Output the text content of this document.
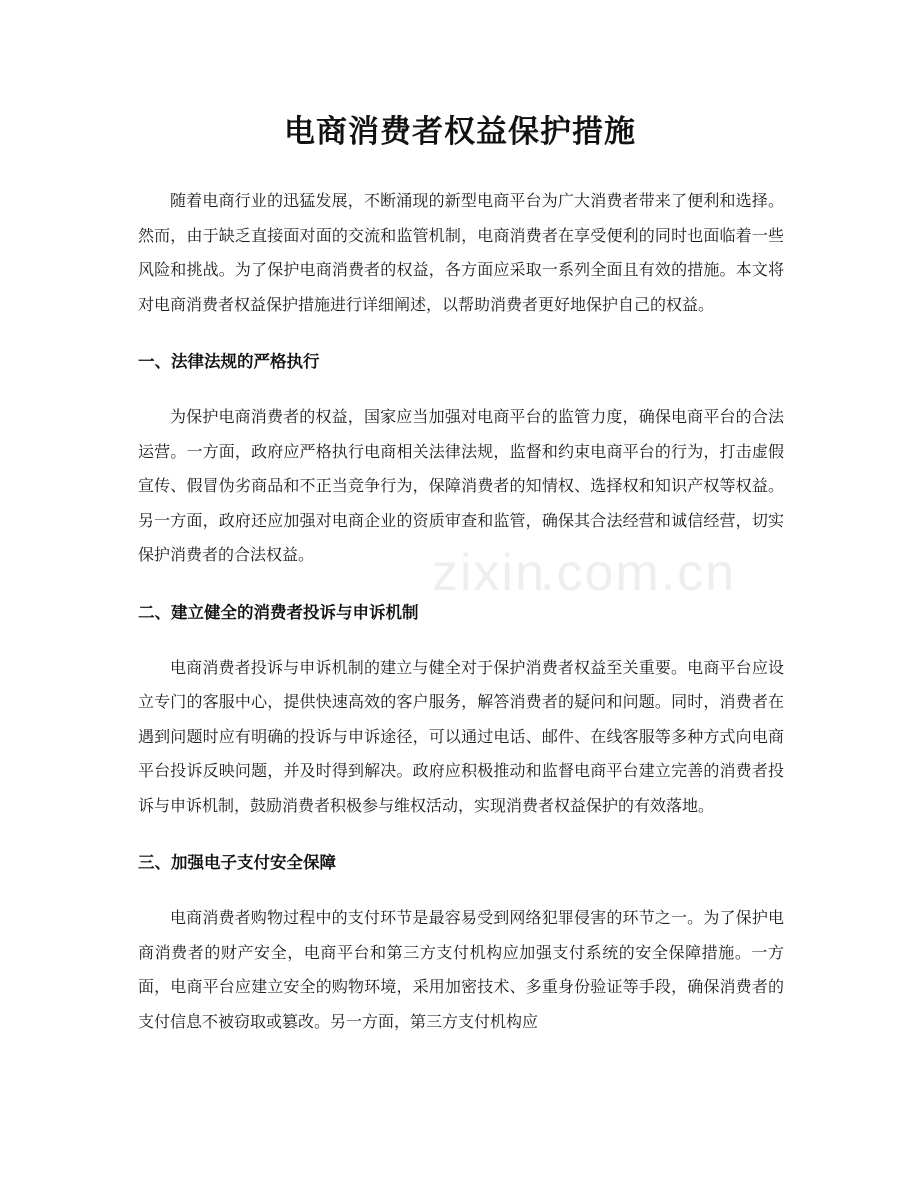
电商消费者权益保护措施

随着电商行业的迅猛发展，不断涌现的新型电商平台为广大消费者带来了便利和选择。然而，由于缺乏直接面对面的交流和监管机制，电商消费者在享受便利的同时也面临着一些风险和挑战。为了保护电商消费者的权益，各方面应采取一系列全面且有效的措施。本文将对电商消费者权益保护措施进行详细阐述，以帮助消费者更好地保护自己的权益。

一、法律法规的严格执行

为保护电商消费者的权益，国家应当加强对电商平台的监管力度，确保电商平台的合法运营。一方面，政府应严格执行电商相关法律法规，监督和约束电商平台的行为，打击虚假宣传、假冒伪劣商品和不正当竞争行为，保障消费者的知情权、选择权和知识产权等权益。另一方面，政府还应加强对电商企业的资质审查和监管，确保其合法经营和诚信经营，切实保护消费者的合法权益。

二、建立健全的消费者投诉与申诉机制

电商消费者投诉与申诉机制的建立与健全对于保护消费者权益至关重要。电商平台应设立专门的客服中心，提供快速高效的客户服务，解答消费者的疑问和问题。同时，消费者在遇到问题时应有明确的投诉与申诉途径，可以通过电话、邮件、在线客服等多种方式向电商平台投诉反映问题，并及时得到解决。政府应积极推动和监督电商平台建立完善的消费者投诉与申诉机制，鼓励消费者积极参与维权活动，实现消费者权益保护的有效落地。

三、加强电子支付安全保障

电商消费者购物过程中的支付环节是最容易受到网络犯罪侵害的环节之一。为了保护电商消费者的财产安全，电商平台和第三方支付机构应加强支付系统的安全保障措施。一方面，电商平台应建立安全的购物环境，采用加密技术、多重身份验证等手段，确保消费者的支付信息不被窃取或篡改。另一方面，第三方支付机构应

zixin
.com.cn
